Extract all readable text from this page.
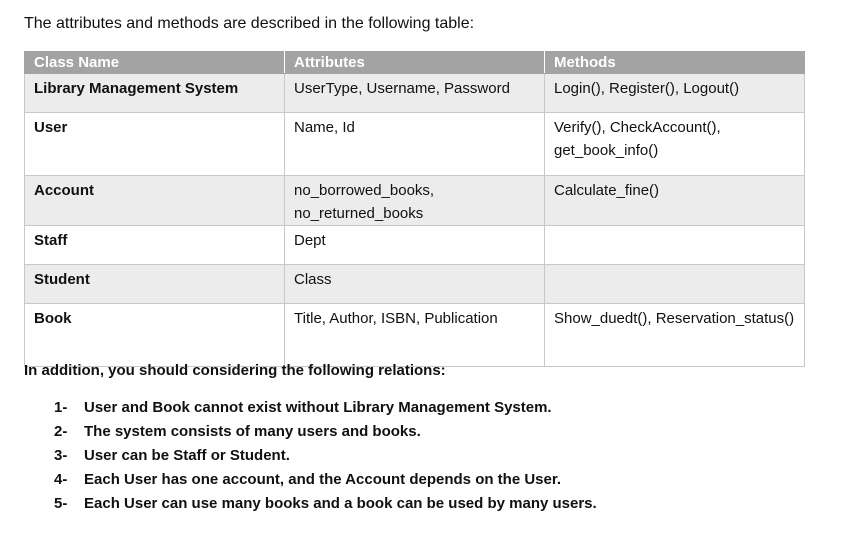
The attributes and methods are described in the following table:

Class Name	Attributes	Methods
Library Management System	UserType, Username, Password	Login(), Register(), Logout()
User	Name, Id	Verify(), CheckAccount(), get_book_info()
Account	no_borrowed_books, no_returned_books	Calculate_fine()
Staff	Dept	
Student	Class	
Book	Title, Author, ISBN, Publication	Show_duedt(), Reservation_status()

In addition, you should considering the following relations:

1-	User and Book cannot exist without Library Management System.
2-	The system consists of many users and books.
3-	User can be Staff or Student.
4-	Each User has one account, and the Account depends on the User.
5-	Each User can use many books and a book can be used by many users.
